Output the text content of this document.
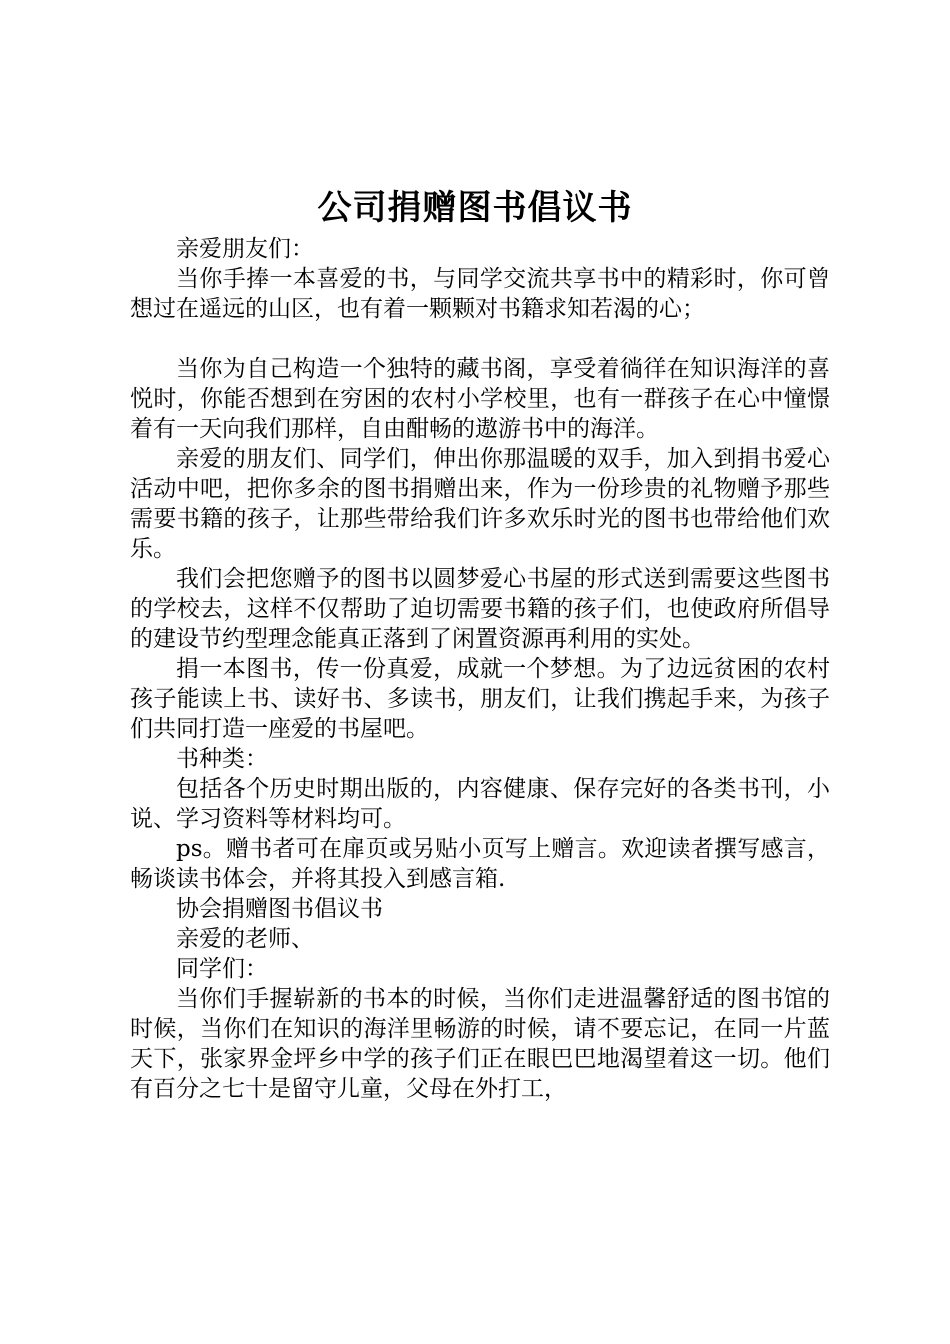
公司捐赠图书倡议书

亲爱朋友们：

当你手捧一本喜爱的书，与同学交流共享书中的精彩时，你可曾想过在遥远的山区，也有着一颗颗对书籍求知若渴的心；

当你为自己构造一个独特的藏书阁，享受着徜徉在知识海洋的喜悦时，你能否想到在穷困的农村小学校里，也有一群孩子在心中憧憬着有一天向我们那样，自由酣畅的遨游书中的海洋。

亲爱的朋友们、同学们，伸出你那温暖的双手，加入到捐书爱心活动中吧，把你多余的图书捐赠出来，作为一份珍贵的礼物赠予那些需要书籍的孩子，让那些带给我们许多欢乐时光的图书也带给他们欢乐。

我们会把您赠予的图书以圆梦爱心书屋的形式送到需要这些图书的学校去，这样不仅帮助了迫切需要书籍的孩子们，也使政府所倡导的建设节约型理念能真正落到了闲置资源再利用的实处。

捐一本图书，传一份真爱，成就一个梦想。为了边远贫困的农村孩子能读上书、读好书、多读书，朋友们，让我们携起手来，为孩子们共同打造一座爱的书屋吧。

书种类：

包括各个历史时期出版的，内容健康、保存完好的各类书刊，小说、学习资料等材料均可。

ps。赠书者可在扉页或另贴小页写上赠言。欢迎读者撰写感言，畅谈读书体会，并将其投入到感言箱.

协会捐赠图书倡议书

亲爱的老师、

同学们：

当你们手握崭新的书本的时候，当你们走进温馨舒适的图书馆的时候，当你们在知识的海洋里畅游的时候，请不要忘记，在同一片蓝天下，张家界金坪乡中学的孩子们正在眼巴巴地渴望着这一切。他们有百分之七十是留守儿童，父母在外打工，
